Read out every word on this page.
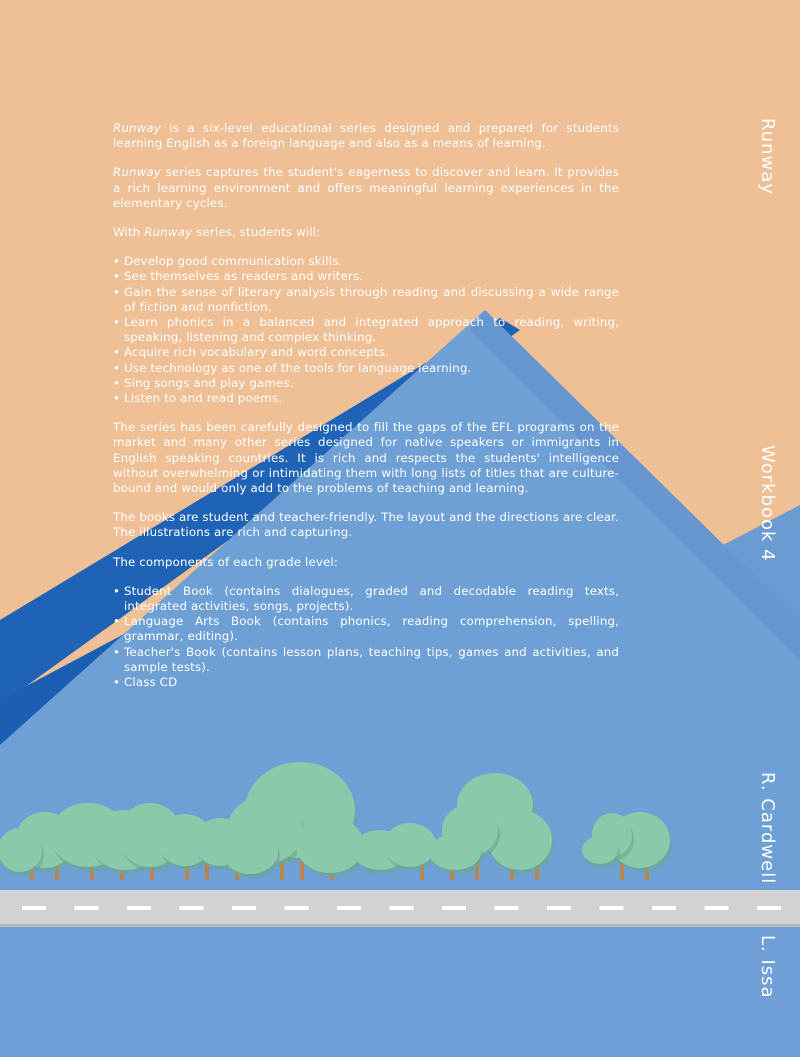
Runway is a six-level educational series designed and prepared for students learning English as a foreign language and also as a means of learning.

Runway series captures the student's eagerness to discover and learn. It provides a rich learning environment and offers meaningful learning experiences in the elementary cycles.

With Runway series, students will:

• Develop good communication skills.
• See themselves as readers and writers.
• Gain the sense of literary analysis through reading and discussing a wide range of fiction and nonfiction.
• Learn phonics in a balanced and integrated approach to reading, writing, speaking, listening and complex thinking.
• Acquire rich vocabulary and word concepts.
• Use technology as one of the tools for language learning.
• Sing songs and play games.
• Listen to and read poems.

The series has been carefully designed to fill the gaps of the EFL programs on the market and many other series designed for native speakers or immigrants in English speaking countries. It is rich and respects the students' intelligence without overwhelming or intimidating them with long lists of titles that are culture-bound and would only add to the problems of teaching and learning.

The books are student and teacher-friendly. The layout and the directions are clear. The illustrations are rich and capturing.

The components of each grade level:

• Student Book (contains dialogues, graded and decodable reading texts, integrated activities, songs, projects).
• Language Arts Book (contains phonics, reading comprehension, spelling, grammar, editing).
• Teacher's Book (contains lesson plans, teaching tips, games and activities, and sample tests).
• Class CD
Runway
Workbook 4
R. Cardwell
L. Issa
